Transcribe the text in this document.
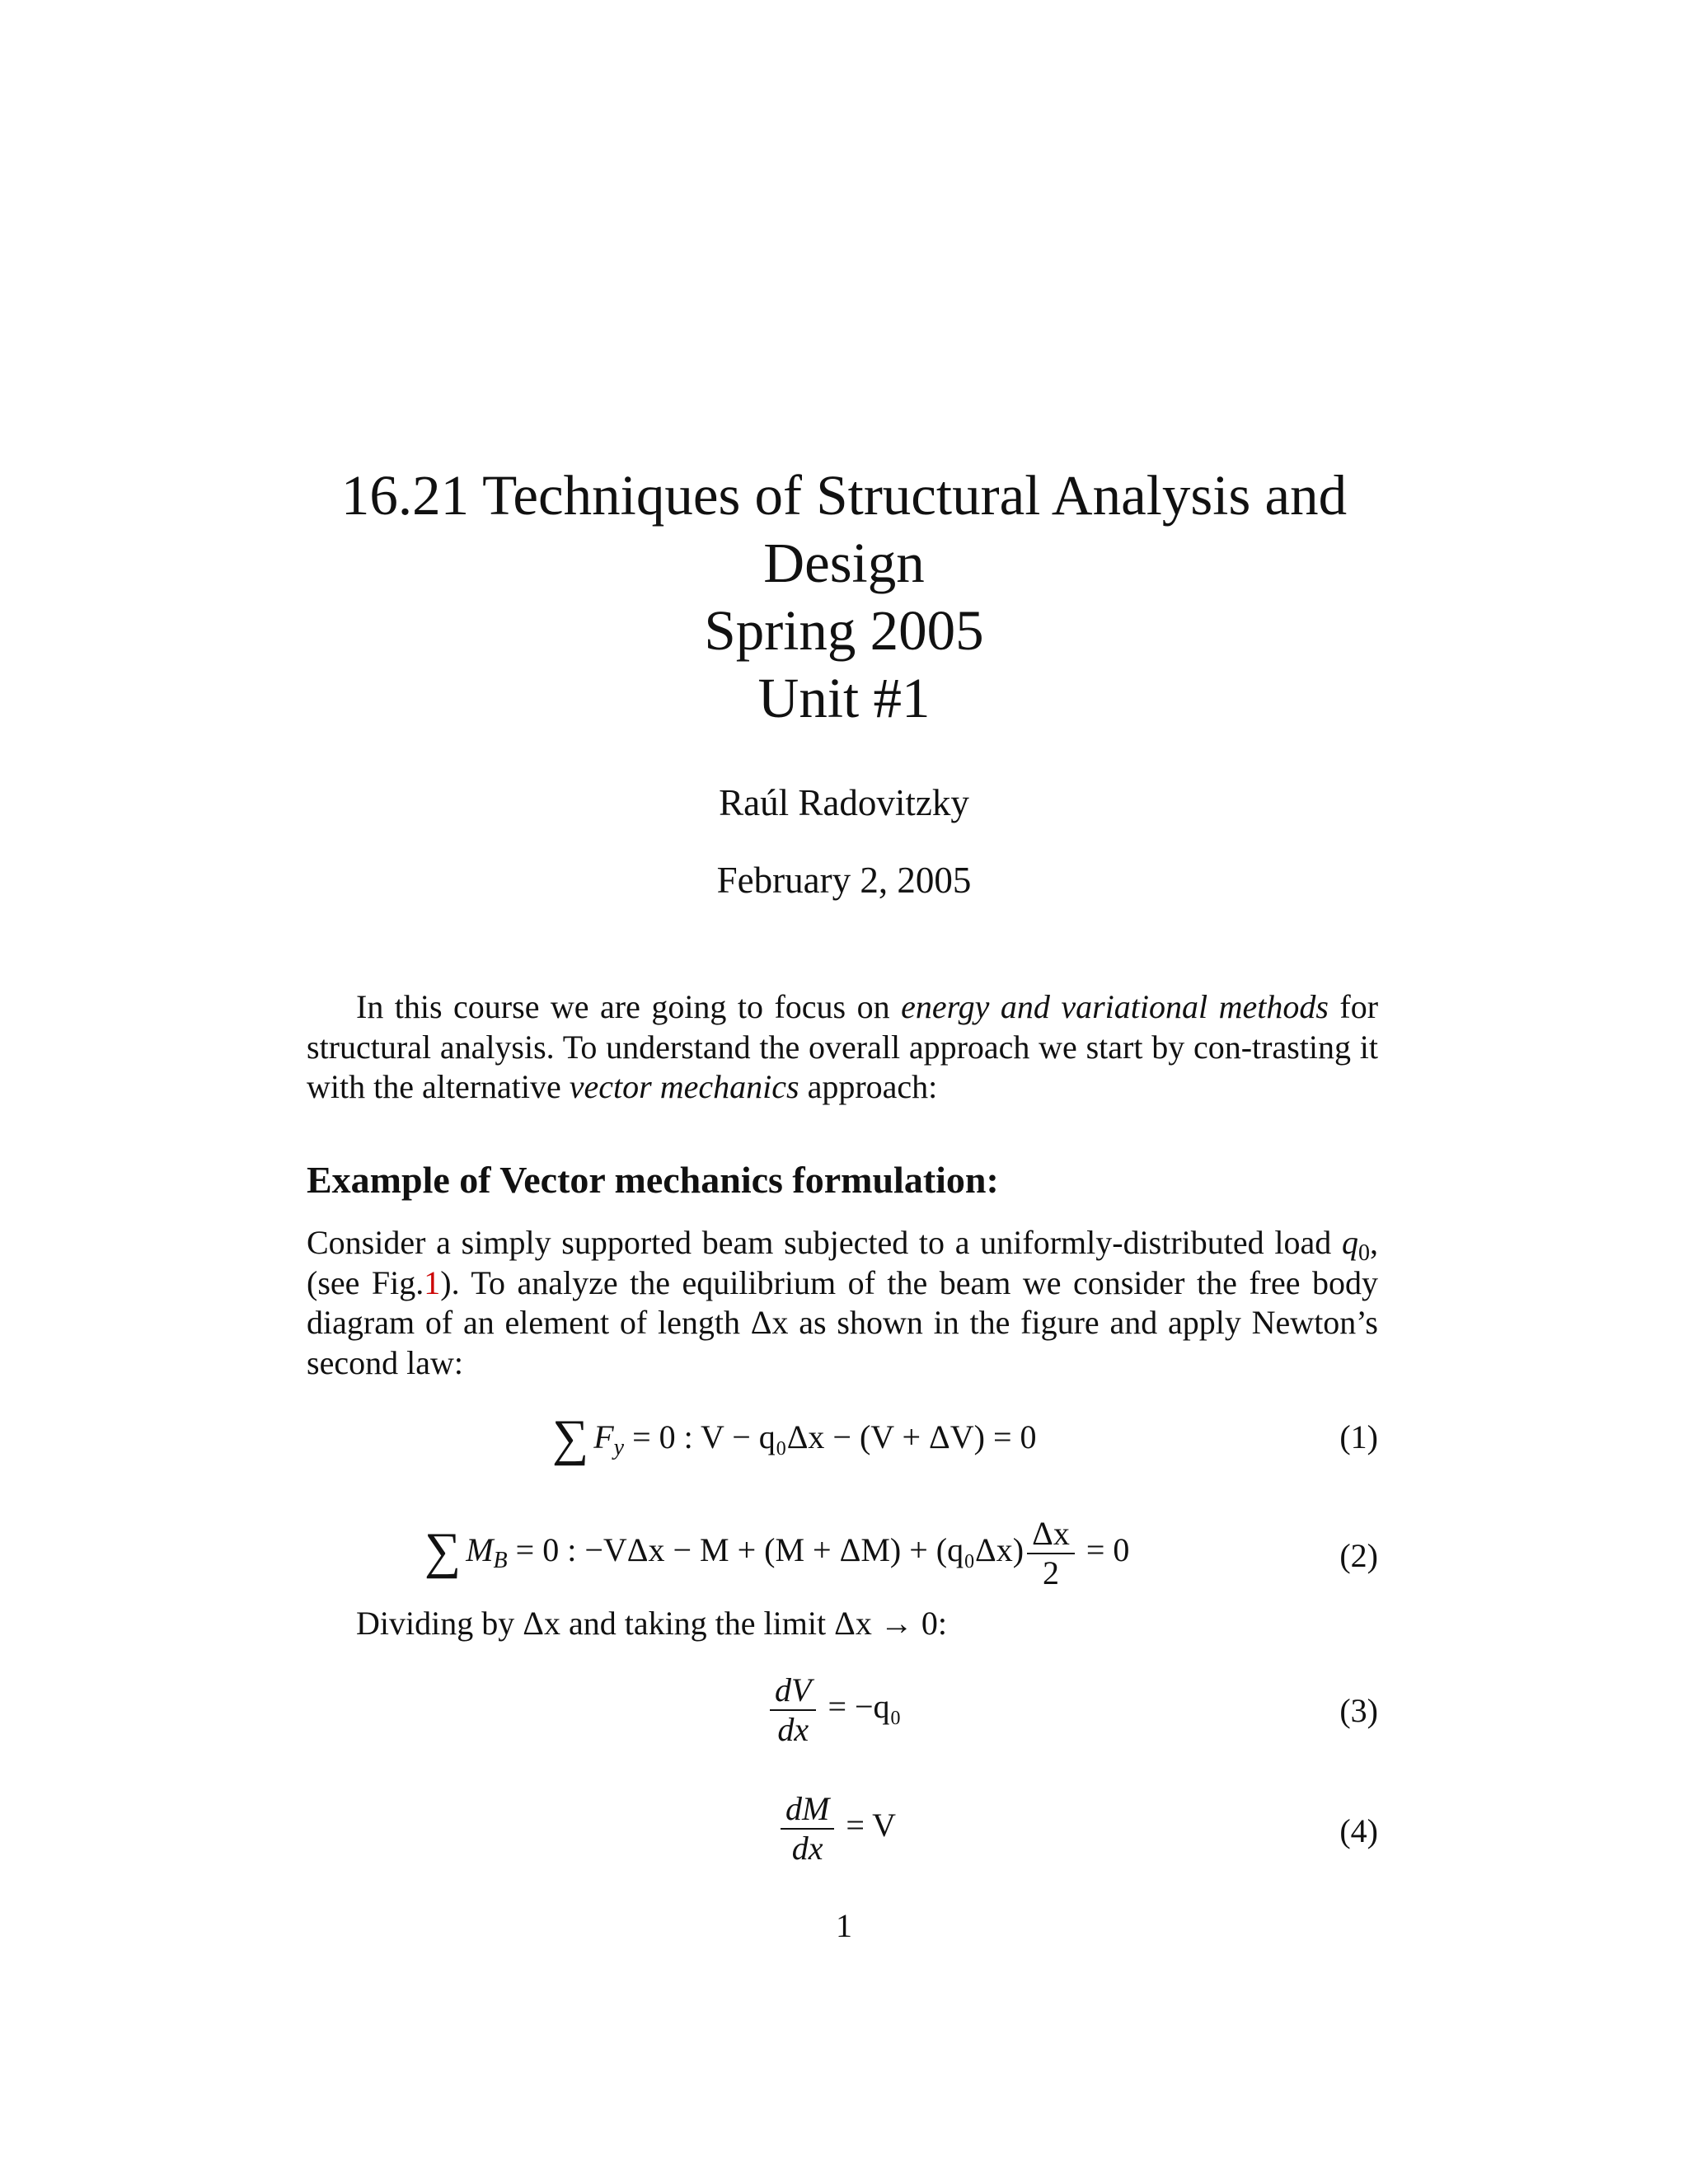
16.21 Techniques of Structural Analysis and
Design
Spring 2005
Unit #1
Raúl Radovitzky
February 2, 2005
In this course we are going to focus on energy and variational methods for structural analysis. To understand the overall approach we start by con-trasting it with the alternative vector mechanics approach:
Example of Vector mechanics formulation:
Consider a simply supported beam subjected to a uniformly-distributed load $q_0$, (see Fig.1). To analyze the equilibrium of the beam we consider the free body diagram of an element of length Δx as shown in the figure and apply Newton’s second law:
∑ $F_y = 0$ : V − q₀Δx − (V + ΔV) = 0	(1)
∑ $M_B = 0$ : $-V\Delta x - M + (M + \Delta M) + (q_0\Delta x) \frac{\Delta x}{2} = 0$	(2)
Dividing by Δx and taking the limit Δx → 0:
$\frac{dV}{dx} = -q_0$	(3)
$\frac{dM}{dx} = V$	(4)
1
